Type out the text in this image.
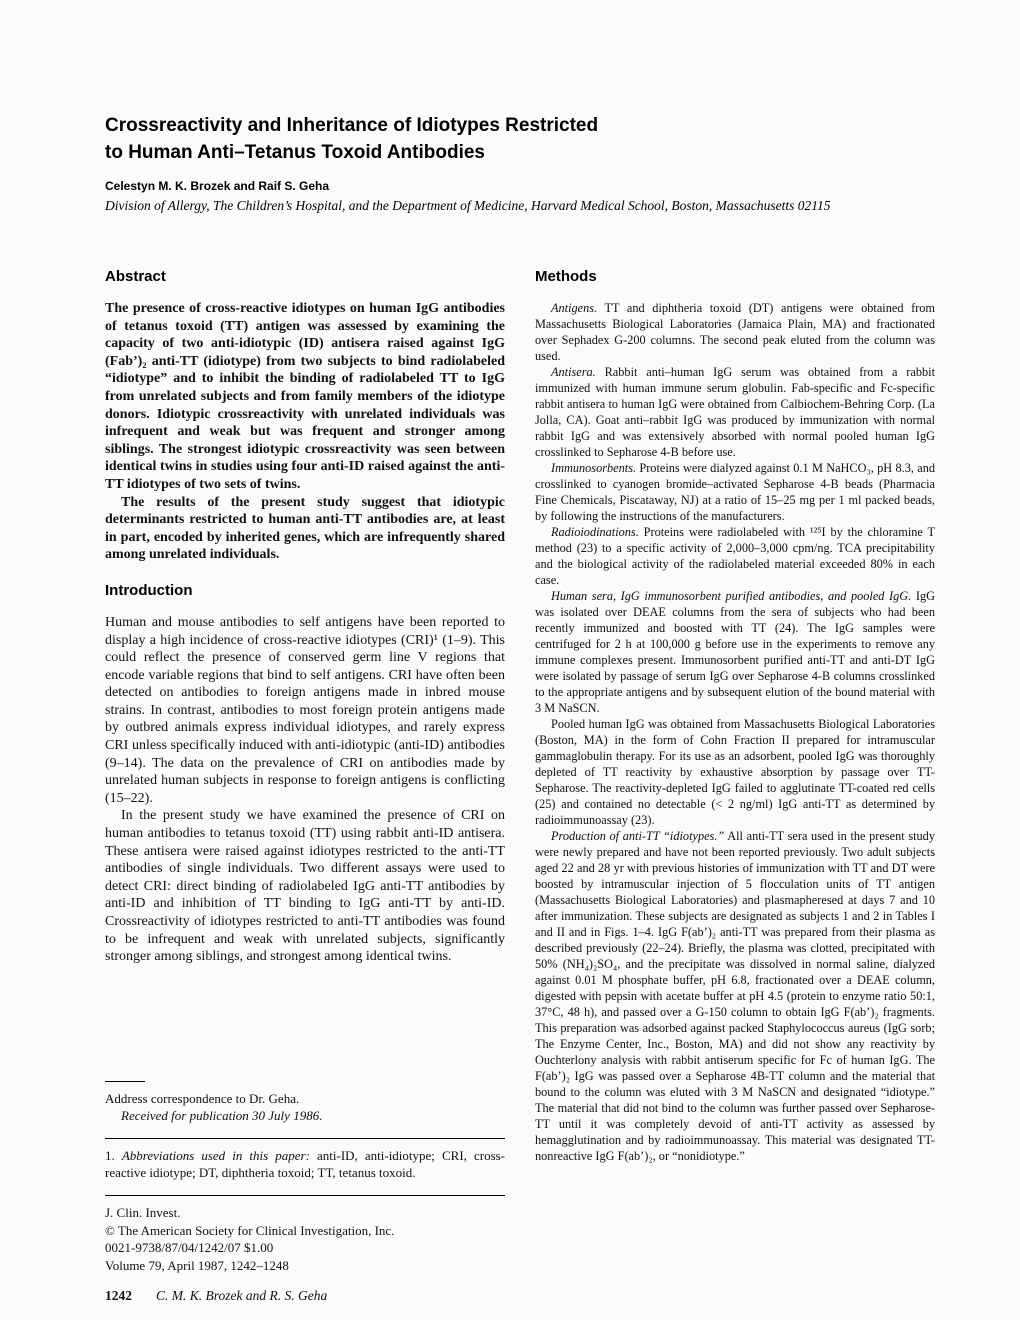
Crossreactivity and Inheritance of Idiotypes Restricted
to Human Anti–Tetanus Toxoid Antibodies
Celestyn M. K. Brozek and Raif S. Geha
Division of Allergy, The Children’s Hospital, and the Department of Medicine, Harvard Medical School, Boston, Massachusetts 02115
Abstract

The presence of cross-reactive idiotypes on human IgG antibodies of tetanus toxoid (TT) antigen was assessed by examining the capacity of two anti-idiotypic (ID) antisera raised against IgG (Fab’)₂ anti-TT (idiotype) from two subjects to bind radiolabeled “idiotype” and to inhibit the binding of radiolabeled TT to IgG from unrelated subjects and from family members of the idiotype donors. Idiotypic crossreactivity with unrelated individuals was infrequent and weak but was frequent and stronger among siblings. The strongest idiotypic crossreactivity was seen between identical twins in studies using four anti-ID raised against the anti-TT idiotypes of two sets of twins.

The results of the present study suggest that idiotypic determinants restricted to human anti-TT antibodies are, at least in part, encoded by inherited genes, which are infrequently shared among unrelated individuals.

Introduction

Human and mouse antibodies to self antigens have been reported to display a high incidence of cross-reactive idiotypes (CRI)¹ (1–9). This could reflect the presence of conserved germ line V regions that encode variable regions that bind to self antigens. CRI have often been detected on antibodies to foreign antigens made in inbred mouse strains. In contrast, antibodies to most foreign protein antigens made by outbred animals express individual idiotypes, and rarely express CRI unless specifically induced with anti-idiotypic (anti-ID) antibodies (9–14). The data on the prevalence of CRI on antibodies made by unrelated human subjects in response to foreign antigens is conflicting (15–22).

In the present study we have examined the presence of CRI on human antibodies to tetanus toxoid (TT) using rabbit anti-ID antisera. These antisera were raised against idiotypes restricted to the anti-TT antibodies of single individuals. Two different assays were used to detect CRI: direct binding of radiolabeled IgG anti-TT antibodies by anti-ID and inhibition of TT binding to IgG anti-TT by anti-ID. Crossreactivity of idiotypes restricted to anti-TT antibodies was found to be infrequent and weak with unrelated subjects, significantly stronger among siblings, and strongest among identical twins.

Address correspondence to Dr. Geha.

Received for publication 30 July 1986.

1. Abbreviations used in this paper: anti-ID, anti-idiotype; CRI, cross-reactive idiotype; DT, diphtheria toxoid; TT, tetanus toxoid.

J. Clin. Invest.

© The American Society for Clinical Investigation, Inc.

0021-9738/87/04/1242/07 $1.00

Volume 79, April 1987, 1242–1248

Methods

Antigens. TT and diphtheria toxoid (DT) antigens were obtained from Massachusetts Biological Laboratories (Jamaica Plain, MA) and fractionated over Sephadex G-200 columns. The second peak eluted from the column was used.

Antisera. Rabbit anti–human IgG serum was obtained from a rabbit immunized with human immune serum globulin. Fab-specific and Fc-specific rabbit antisera to human IgG were obtained from Calbiochem-Behring Corp. (La Jolla, CA). Goat anti–rabbit IgG was produced by immunization with normal rabbit IgG and was extensively absorbed with normal pooled human IgG crosslinked to Sepharose 4-B before use.

Immunosorbents. Proteins were dialyzed against 0.1 M NaHCO₃, pH 8.3, and crosslinked to cyanogen bromide–activated Sepharose 4-B beads (Pharmacia Fine Chemicals, Piscataway, NJ) at a ratio of 15–25 mg per 1 ml packed beads, by following the instructions of the manufacturers.

Radioiodinations. Proteins were radiolabeled with ¹²⁵I by the chloramine T method (23) to a specific activity of 2,000–3,000 cpm/ng. TCA precipitability and the biological activity of the radiolabeled material exceeded 80% in each case.

Human sera, IgG immunosorbent purified antibodies, and pooled IgG. IgG was isolated over DEAE columns from the sera of subjects who had been recently immunized and boosted with TT (24). The IgG samples were centrifuged for 2 h at 100,000 g before use in the experiments to remove any immune complexes present. Immunosorbent purified anti-TT and anti-DT IgG were isolated by passage of serum IgG over Sepharose 4-B columns crosslinked to the appropriate antigens and by subsequent elution of the bound material with 3 M NaSCN.

Pooled human IgG was obtained from Massachusetts Biological Laboratories (Boston, MA) in the form of Cohn Fraction II prepared for intramuscular gammaglobulin therapy. For its use as an adsorbent, pooled IgG was thoroughly depleted of TT reactivity by exhaustive absorption by passage over TT-Sepharose. The reactivity-depleted IgG failed to agglutinate TT-coated red cells (25) and contained no detectable (< 2 ng/ml) IgG anti-TT as determined by radioimmunoassay (23).

Production of anti-TT “idiotypes.” All anti-TT sera used in the present study were newly prepared and have not been reported previously. Two adult subjects aged 22 and 28 yr with previous histories of immunization with TT and DT were boosted by intramuscular injection of 5 flocculation units of TT antigen (Massachusetts Biological Laboratories) and plasmapheresed at days 7 and 10 after immunization. These subjects are designated as subjects 1 and 2 in Tables I and II and in Figs. 1–4. IgG F(ab’)₂ anti-TT was prepared from their plasma as described previously (22–24). Briefly, the plasma was clotted, precipitated with 50% (NH₄)₂SO₄, and the precipitate was dissolved in normal saline, dialyzed against 0.01 M phosphate buffer, pH 6.8, fractionated over a DEAE column, digested with pepsin with acetate buffer at pH 4.5 (protein to enzyme ratio 50:1, 37°C, 48 h), and passed over a G-150 column to obtain IgG F(ab’)₂ fragments. This preparation was adsorbed against packed Staphylococcus aureus (IgG sorb; The Enzyme Center, Inc., Boston, MA) and did not show any reactivity by Ouchterlony analysis with rabbit antiserum specific for Fc of human IgG. The F(ab’)₂ IgG was passed over a Sepharose 4B-TT column and the material that bound to the column was eluted with 3 M NaSCN and designated “idiotype.” The material that did not bind to the column was further passed over Sepharose-TT until it was completely devoid of anti-TT activity as assessed by hemagglutination and by radioimmunoassay. This material was designated TT-nonreactive IgG F(ab’)₂, or “nonidiotype.”

1242 C. M. K. Brozek and R. S. Geha
